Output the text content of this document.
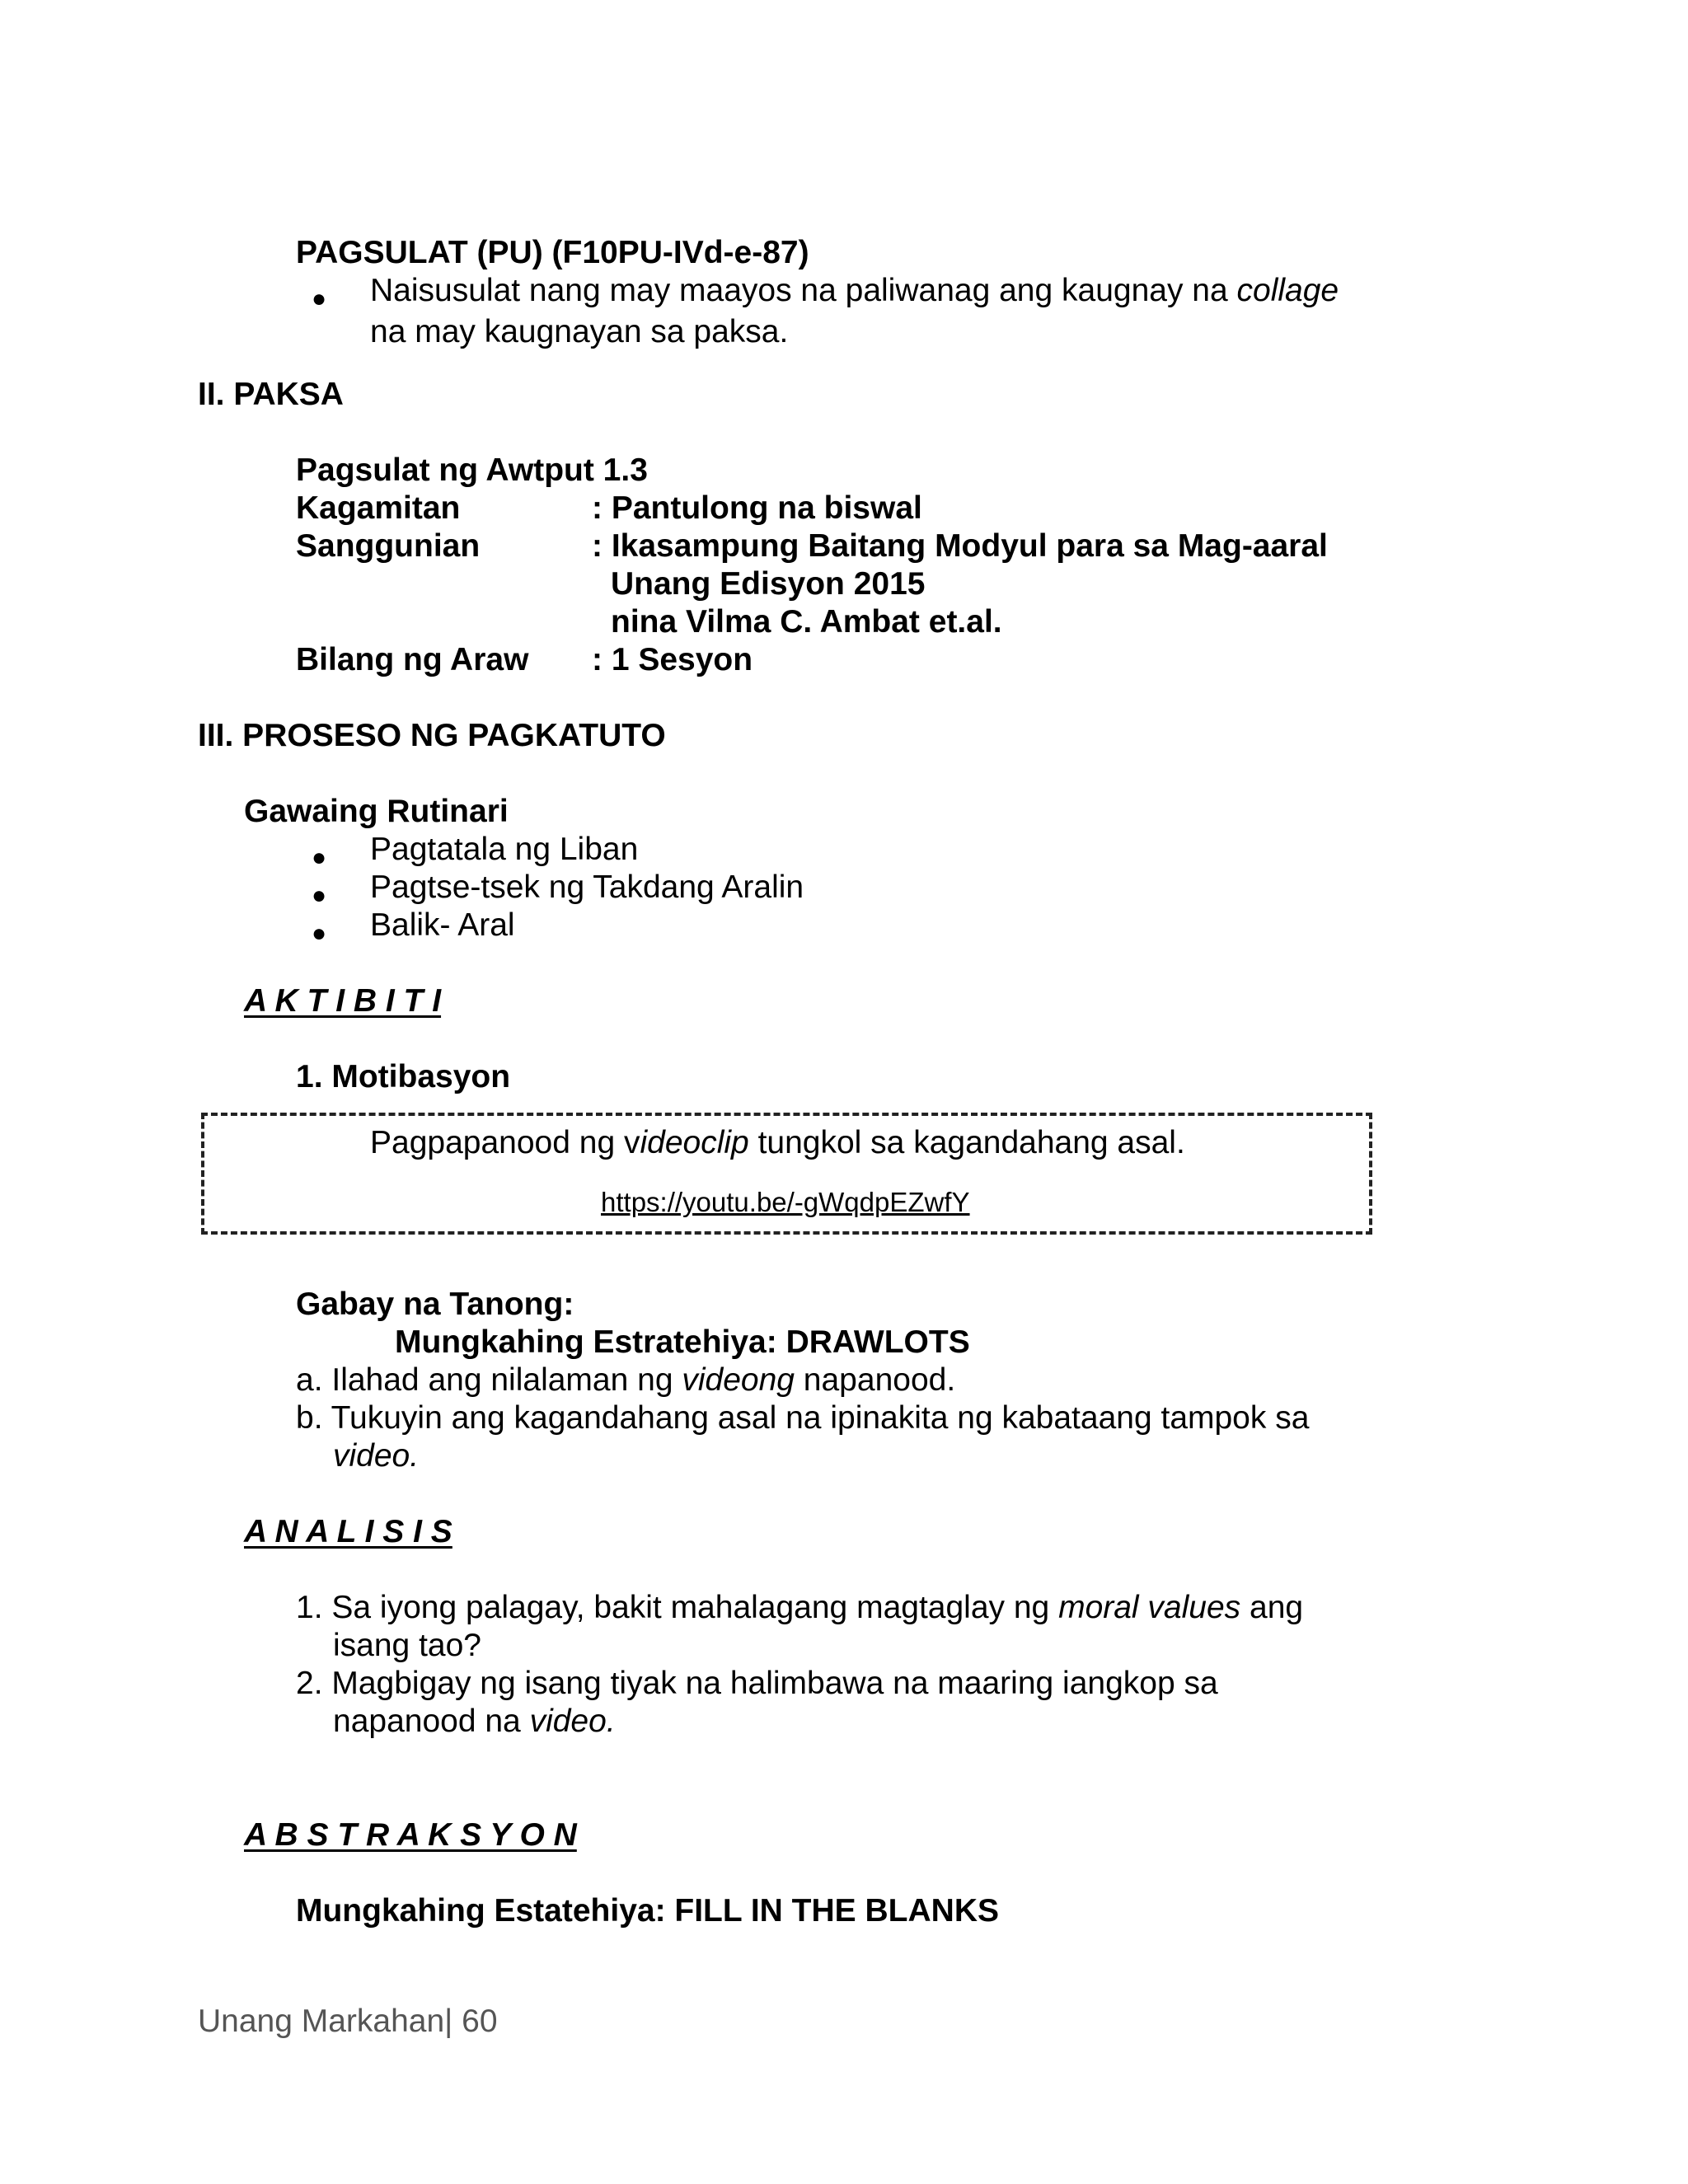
PAGSULAT (PU) (F10PU-IVd-e-87)
● Naisusulat nang may maayos na paliwanag ang kaugnay na collage
na may kaugnayan sa paksa.
II. PAKSA
Pagsulat ng Awtput 1.3
Kagamitan	: Pantulong na biswal
Sanggunian	: Ikasampung Baitang Modyul para sa Mag-aaral
Unang Edisyon 2015
nina Vilma C. Ambat et.al.
Bilang ng Araw : 1 Sesyon
III. PROSESO NG PAGKATUTO
Gawaing Rutinari
● Pagtatala ng Liban
● Pagtse-tsek ng Takdang Aralin
● Balik- Aral
A K T I B I T I
1. Motibasyon
Pagpapanood ng videoclip tungkol sa kagandahang asal.
https://youtu.be/-gWqdpEZwfY
Gabay na Tanong:
Mungkahing Estratehiya: DRAWLOTS
a. Ilahad ang nilalaman ng videong napanood.
b. Tukuyin ang kagandahang asal na ipinakita ng kabataang tampok sa
video.
A N A L I S I S
1. Sa iyong palagay, bakit mahalagang magtaglay ng moral values ang
isang tao?
2. Magbigay ng isang tiyak na halimbawa na maaring iangkop sa
napanood na video.
A B S T R A K S Y O N
Mungkahing Estatehiya: FILL IN THE BLANKS
Unang Markahan| 60
